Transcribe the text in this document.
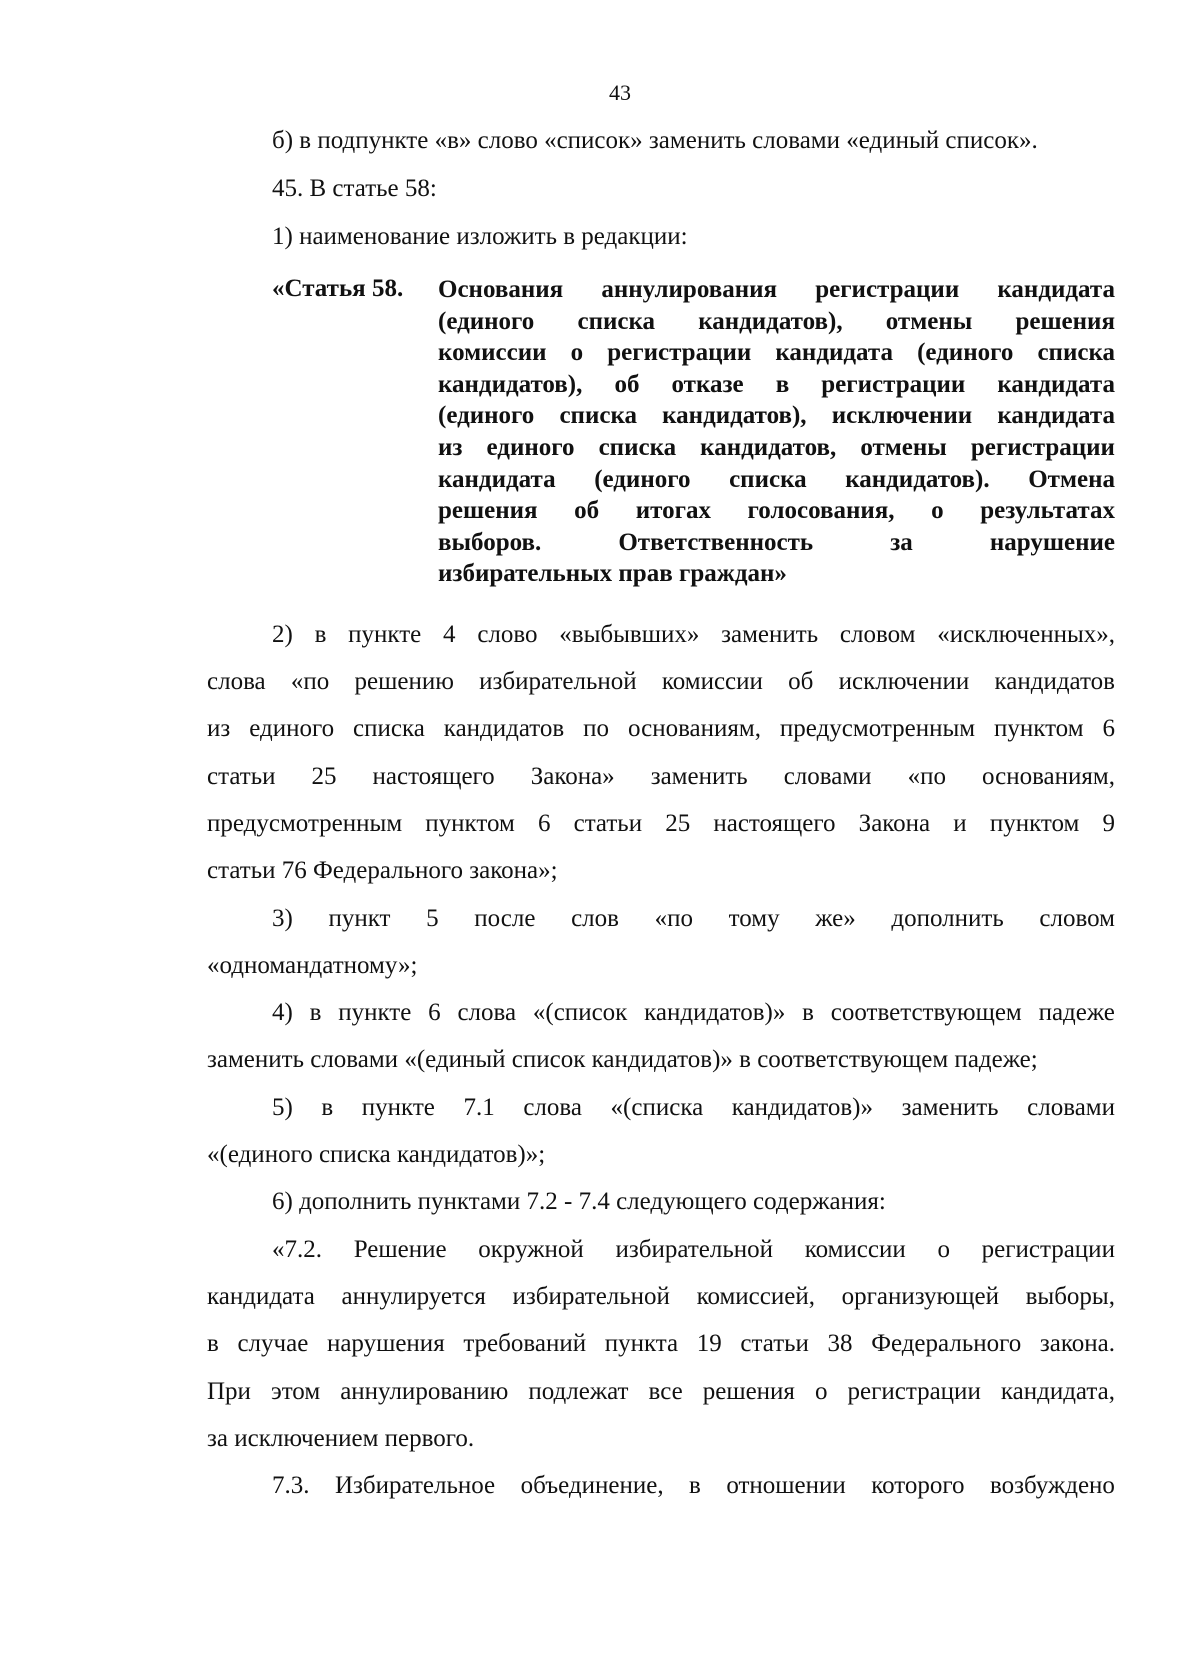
43
б) в подпункте «в» слово «список» заменить словами «единый список».
45. В статье 58:
1) наименование изложить в редакции:
«Статья 58. Основания аннулирования регистрации кандидата
(единого списка кандидатов), отмены решения
комиссии о регистрации кандидата (единого списка
кандидатов), об отказе в регистрации кандидата
(единого списка кандидатов), исключении кандидата
из единого списка кандидатов, отмены регистрации
кандидата (единого списка кандидатов). Отмена
решения об итогах голосования, о результатах
выборов.	Ответственность	за	нарушение
избирательных прав граждан»
2) в пункте 4 слово «выбывших» заменить словом «исключенных»,
слова «по решению избирательной комиссии об исключении кандидатов
из единого списка кандидатов по основаниям, предусмотренным пунктом 6
статьи 25 настоящего Закона» заменить словами «по основаниям,
предусмотренным пунктом 6 статьи 25 настоящего Закона и пунктом 9
статьи 76 Федерального закона»;
3) пункт 5 после слов «по тому же» дополнить словом
«одномандатному»;
4) в пункте 6 слова «(список кандидатов)» в соответствующем падеже
заменить словами «(единый список кандидатов)» в соответствующем падеже;
5) в пункте 7.1 слова «(списка кандидатов)» заменить словами
«(единого списка кандидатов)»;
6) дополнить пунктами 7.2 - 7.4 следующего содержания:
«7.2. Решение окружной избирательной комиссии о регистрации
кандидата аннулируется избирательной комиссией, организующей выборы,
в случае нарушения требований пункта 19 статьи 38 Федерального закона.
При этом аннулированию подлежат все решения о регистрации кандидата,
за исключением первого.
7.3. Избирательное объединение, в отношении которого возбуждено
